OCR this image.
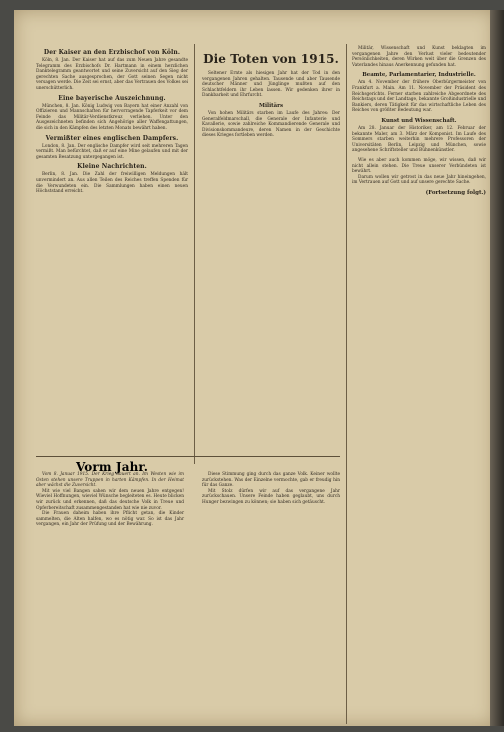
Der Kaiser an den Erzbischof von Köln.

Köln, 8. Jan. Der Kaiser hat auf das zum Neuen Jahre gesandte Telegramm des Erzbischofs Dr. Hartmann in einem herzlichen Danktelegramm geantwortet und seine Zuversicht auf den Sieg der gerechten Sache ausgesprochen, der Gott seinen Segen nicht versagen werde. Die Zeit sei ernst, aber das Vertrauen des Volkes sei unerschütterlich.

Eine bayerische Auszeichnung.

München, 8. Jan. König Ludwig von Bayern hat einer Anzahl von Offizieren und Mannschaften für hervorragende Tapferkeit vor dem Feinde das Militär-Verdienstkreuz verliehen. Unter den Ausgezeichneten befinden sich Angehörige aller Waffengattungen, die sich in den Kämpfen des letzten Monats bewährt haben.

Vermißter eines englischen Dampfers.

London, 8. Jan. Der englische Dampfer wird seit mehreren Tagen vermißt. Man befürchtet, daß er auf eine Mine gelaufen und mit der gesamten Besatzung untergegangen ist.

Kleine Nachrichten.

Berlin, 8. Jan. Die Zahl der freiwilligen Meldungen hält unvermindert an. Aus allen Teilen des Reiches treffen Spenden für die Verwundeten ein. Die Sammlungen haben einen neuen Höchststand erreicht.

Die Toten von 1915.

Seltener Ernte als hiesigen Jahr hat der Tod in den vergangenen Jahren gehalten. Tausende und aber Tausende deutscher Männer und Jünglinge mußten auf den Schlachtfeldern ihr Leben lassen. Wir gedenken ihrer in Dankbarkeit und Ehrfurcht.

Militärs

Von hohen Militärs starben im Laufe des Jahres: Der Generalfeldmarschall, die Generale der Infanterie und Kavallerie, sowie zahlreiche Kommandierende Generale und Divisionskommandeure, deren Namen in der Geschichte dieses Krieges fortleben werden.

Militär, Wissenschaft und Kunst beklagten im vergangenen Jahre den Verlust vieler bedeutender Persönlichkeiten, deren Wirken weit über die Grenzen des Vaterlandes hinaus Anerkennung gefunden hat.

Beamte, Parlamentarier, Industrielle.

Am 4. November der frühere Oberbürgermeister von Frankfurt a. Main. Am 11. November der Präsident des Reichsgerichts. Ferner starben zahlreiche Abgeordnete des Reichstags und der Landtage, bekannte Großindustrielle und Bankiers, deren Tätigkeit für das wirtschaftliche Leben des Reiches von größter Bedeutung war.

Kunst und Wissenschaft.

Am 28. Januar der Historiker, am 12. Februar der bekannte Maler, am 3. März der Komponist. Im Laufe des Sommers starben weiterhin mehrere Professoren der Universitäten Berlin, Leipzig und München, sowie angesehene Schriftsteller und Bühnenkünstler.

Wie es aber auch kommen möge, wir wissen, daß wir nicht allein stehen. Die Treue unserer Verbündeten ist bewährt.

Darum wollen wir getrost in das neue Jahr hineingehen, im Vertrauen auf Gott und auf unsere gerechte Sache.

(Fortsetzung folgt.)
Vorm Jahr.

Vom 8. Januar 1915. Der Krieg dauert an. Im Westen wie im Osten stehen unsere Truppen in harten Kämpfen. In der Heimat aber wächst die Zuversicht.

Mit wie viel Bangen sahen wir dem neuen Jahre entgegen! Wieviel Hoffnungen, wieviel Wünsche begleiteten es. Heute blicken wir zurück und erkennen, daß das deutsche Volk in Treue und Opferbereitschaft zusammengestanden hat wie nie zuvor.

Die Frauen daheim haben ihre Pflicht getan, die Kinder sammelten, die Alten halfen, wo es nötig war. So ist das Jahr vergangen, ein Jahr der Prüfung und der Bewährung.

Diese Stimmung ging durch das ganze Volk. Keiner wollte zurückstehen. Was der Einzelne vermochte, gab er freudig hin für das Ganze.

Mit Stolz dürfen wir auf das vergangene Jahr zurückschauen. Unsere Feinde haben geglaubt, uns durch Hunger bezwingen zu können; sie haben sich getäuscht.
